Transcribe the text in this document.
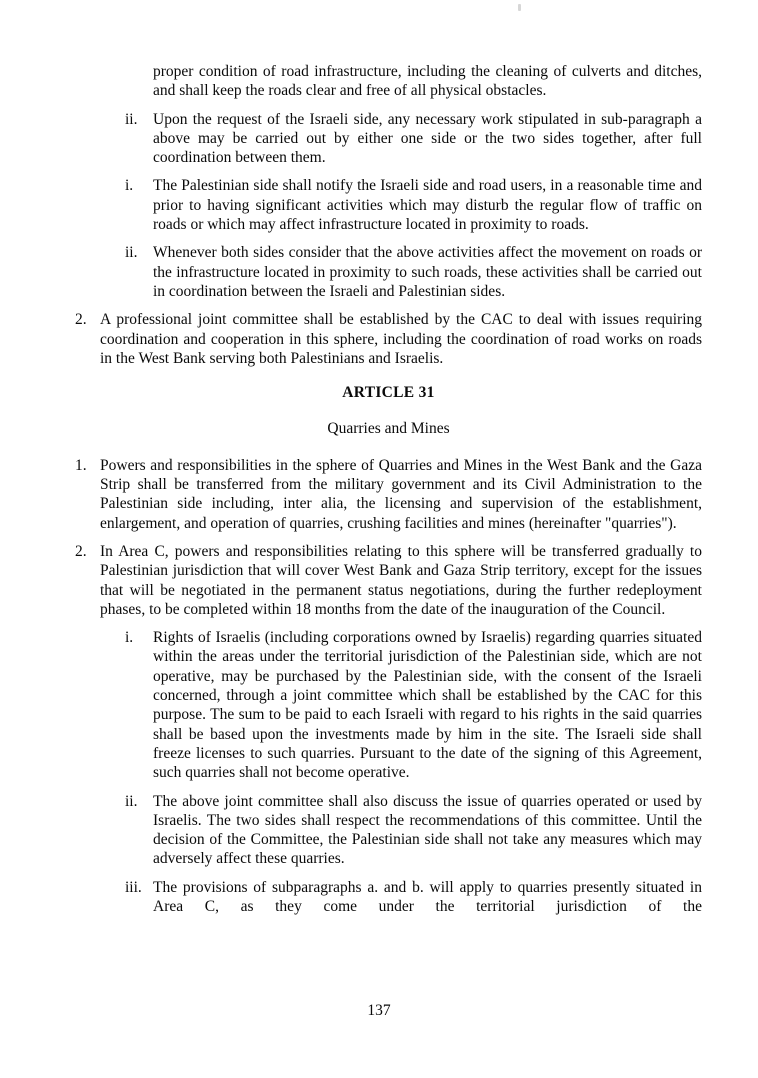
proper condition of road infrastructure, including the cleaning of culverts and ditches, and shall keep the roads clear and free of all physical obstacles.

ii.	Upon the request of the Israeli side, any necessary work stipulated in sub-paragraph a above may be carried out by either one side or the two sides together, after full coordination between them.
i.	The Palestinian side shall notify the Israeli side and road users, in a reasonable time and prior to having significant activities which may disturb the regular flow of traffic on roads or which may affect infrastructure located in proximity to roads.
ii.	Whenever both sides consider that the above activities affect the movement on roads or the infrastructure located in proximity to such roads, these activities shall be carried out in coordination between the Israeli and Palestinian sides.
2. A professional joint committee shall be established by the CAC to deal with issues requiring coordination and cooperation in this sphere, including the coordination of road works on roads in the West Bank serving both Palestinians and Israelis.
ARTICLE 31
Quarries and Mines
1. Powers and responsibilities in the sphere of Quarries and Mines in the West Bank and the Gaza Strip shall be transferred from the military government and its Civil Administration to the Palestinian side including, inter alia, the licensing and supervision of the establishment, enlargement, and operation of quarries, crushing facilities and mines (hereinafter "quarries").
2. In Area C, powers and responsibilities relating to this sphere will be transferred gradually to Palestinian jurisdiction that will cover West Bank and Gaza Strip territory, except for the issues that will be negotiated in the permanent status negotiations, during the further redeployment phases, to be completed within 18 months from the date of the inauguration of the Council.
i.	Rights of Israelis (including corporations owned by Israelis) regarding quarries situated within the areas under the territorial jurisdiction of the Palestinian side, which are not operative, may be purchased by the Palestinian side, with the consent of the Israeli concerned, through a joint committee which shall be established by the CAC for this purpose. The sum to be paid to each Israeli with regard to his rights in the said quarries shall be based upon the investments made by him in the site. The Israeli side shall freeze licenses to such quarries. Pursuant to the date of the signing of this Agreement, such quarries shall not become operative.
ii.	The above joint committee shall also discuss the issue of quarries operated or used by Israelis. The two sides shall respect the recommendations of this committee. Until the decision of the Committee, the Palestinian side shall not take any measures which may adversely affect these quarries.
iii. The provisions of subparagraphs a. and b. will apply to quarries presently situated in Area C, as they come under the territorial jurisdiction of the
137
